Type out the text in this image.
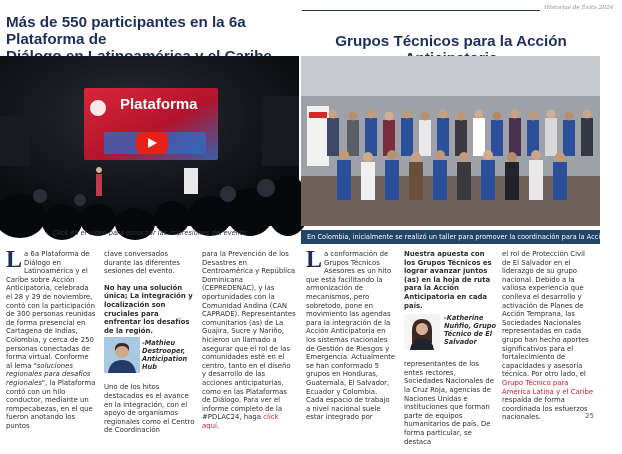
Historias de Éxito 2024
Más de 550 participantes en la 6a Plataforma de	Grupos Técnicos para la Acción
Plataforma
Click en el video para escuchar las impresiones del evento	En Colombia, inicialmente se realizó un taller para promover la coordinación para la Acción Ant

La 6a Plataforma de Diálogo en Latinoamérica y el Caribe sobre Acción Anticipatoria, celebrada el 28 y 29 de noviembre, contó con la participación de 300 personas reunidas de forma presencial en Cartagena de Indias, Colombia, y cerca de 250 personas conectadas de forma virtual. Conforme al lema "soluciones regionales para desafíos regionales", la Plataforma contó con un hilo conductor, mediante un rompecabezas, en el que fueron anotando los puntos

clave conversados durante las diferentes sesiones del evento.

No hay una solución única; La integración y localización son cruciales para enfrentar los desafíos de la región.

-Mathieu Destrooper, Anticipation Hub

Uno de los hitos destacados es el avance en la integración, con el apoyo de organismos regionales como el Centro de Coordinación

para la Prevención de los Desastres en Centroamérica y República Dominicana (CEPREDENAC), y las oportunidades con la Comunidad Andina (CAN CAPRADE). Representantes comunitarios (as) de La Guajira, Sucre y Nariño, hicieron un llamado a asegurar que el rol de las comunidades esté en el centro, tanto en el diseño y desarrollo de las acciones anticipatorias, como en las Plataformas de Diálogo. Para ver el informe completo de la #PDLAC24, haga click aquí.

La conformación de Grupos Técnicos Asesores es un hito que está facilitando la armonización de mecanismos, pero sobretodo, pone en movimiento las agendas para la integración de la Acción Anticipatoria en los sistemas nacionales de Gestión de Riesgos y Emergencia. Actualmente se han conformado 5 grupos en Honduras, Guatemala, El Salvador, Ecuador y Colombia. Cada espacio de trabajo a nivel nacional suele estar integrado por

Nuestra apuesta con los Grupos Técnicos es lograr avanzar juntos (as) en la hoja de ruta para la Acción Anticipatoria en cada país.

-Katherine Nuñfio, Grupo Técnico de El Salvador

representantes de los entes rectores, Sociedades Nacionales de la Cruz Roja, agencias de Naciones Unidas e instituciones que forman parte de equipos humanitarios de país. De forma particular, se destaca

el rol de Protección Civil de El Salvador en el liderazgo de su grupo nacional. Debido a la valiosa experiencia que conlleva el desarrollo y activación de Planes de Acción Temprana, las Sociedades Nacionales representadas en cada grupo han hecho aportes significativos para el fortalecimiento de capacidades y asesoría técnica. Por otro lado, el Grupo Técnico para América Latina y el Caribe respalda de forma coordinada los esfuerzos nacionales.	25
